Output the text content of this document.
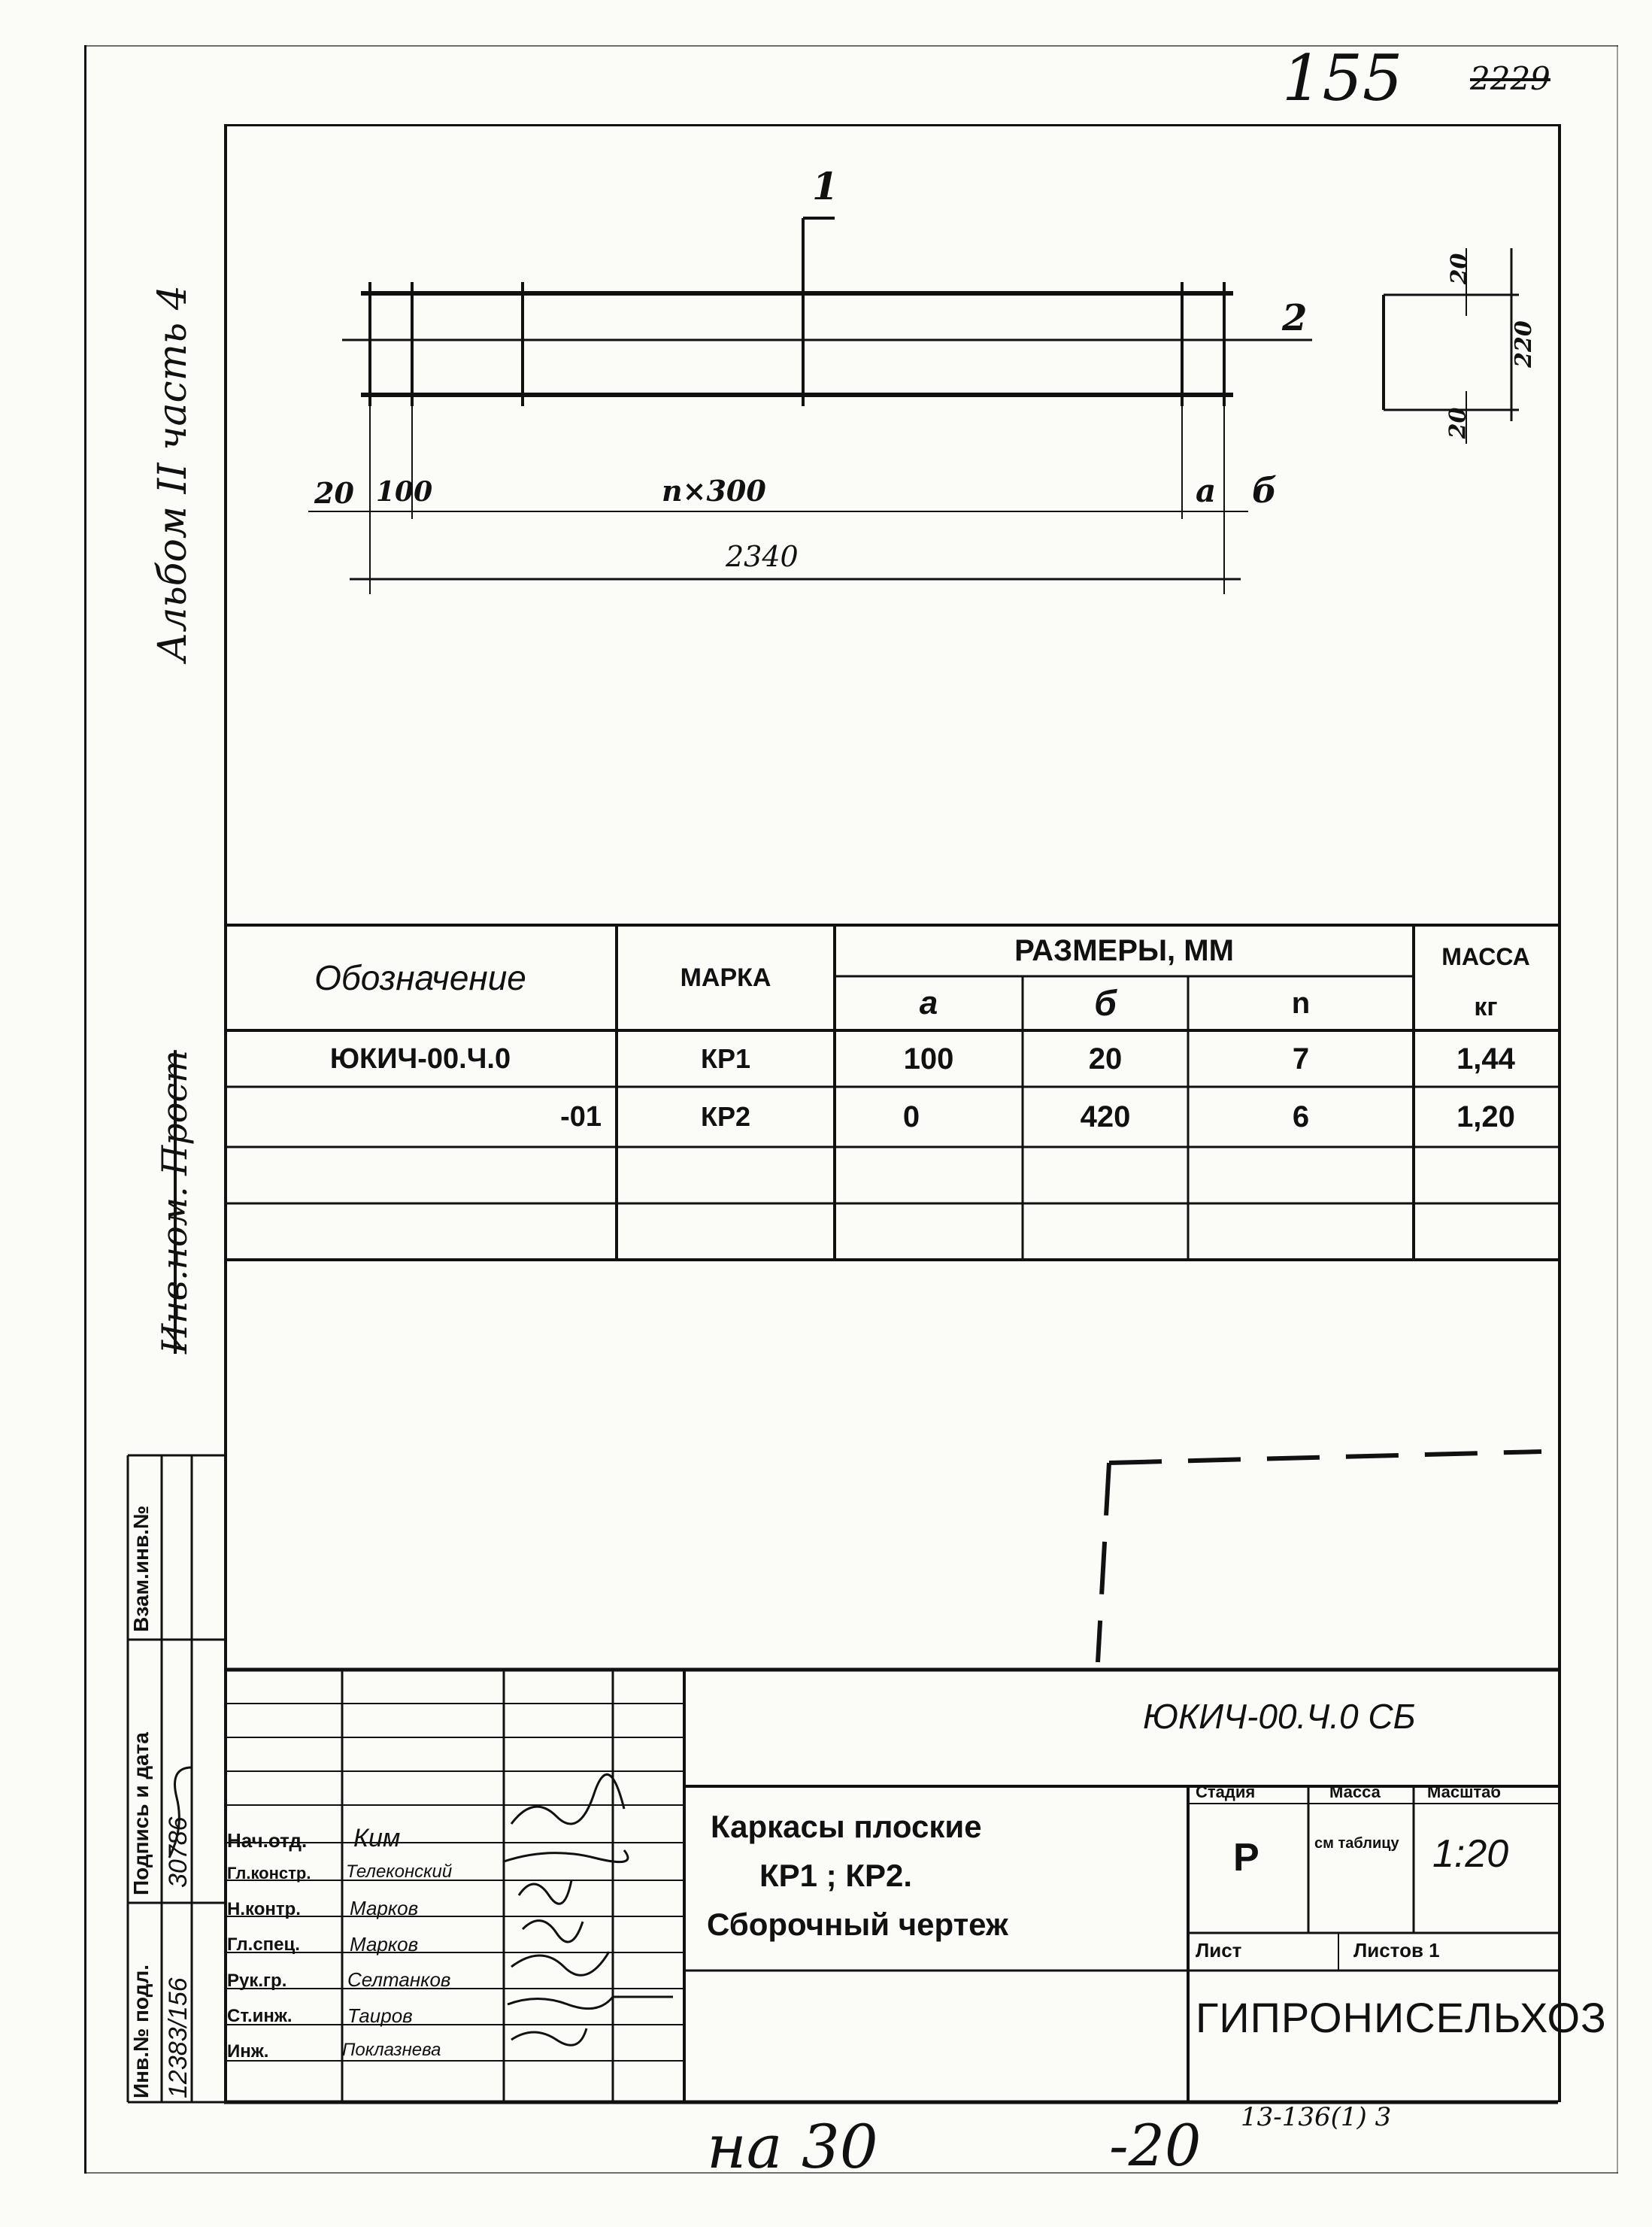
155 2229
Альбом II часть 4
Инв.ном. Прост
1
2
20 100	n×300	a б
2340
20
220
20
Обозначение	МАРКА
РАЗМЕРЫ, ММ
a	б	n
МАССА
кг
ЮКИЧ-00.Ч.0	КР1	100	20	7	1,44
-01	КР2	0	420	6	1,20
ЮКИЧ-00.Ч.0 СБ
Каркасы плоские
КР1 ; КР2.
Сборочный чертеж
Стадия	Масса	Масштаб
Р	см таблицу 1:20
Лист	Листов 1
ГИПРОНИСЕЛЬХОЗ
Нач.отд. Ким
Гл.констр. Телеконский
Н.контр.	Марков
Гл.спец.	Марков
Рук.гр.	Селтанков
Ст.инж.	Таиров
Инж.	Поклазнева
Инв.№ подл. 12383/156
Подпись и дата 30786
Взам.инв.№
на 30	-20 13-136(1) 3
